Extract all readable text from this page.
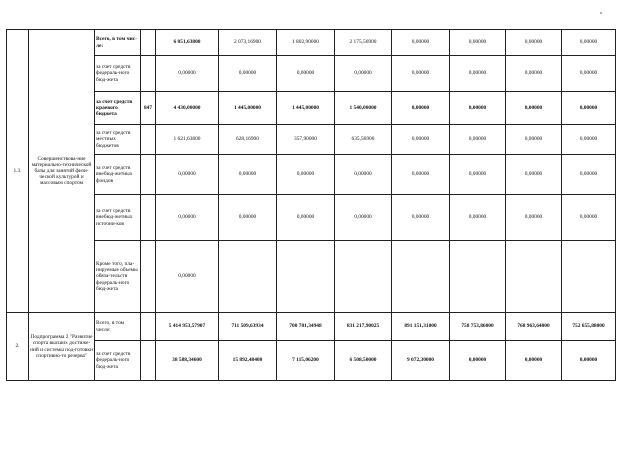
1.3.	Совершенствова-ние материально-технической базы для занятий физи-ческой культурой и массовым спортом	Всего, в том чис-ле:		6 051,63800	2 073,16900	1 802,90000	2 175,56900	0,00000	0,00000	0,00000	0,00000
		за счет средств федераль-ного бюд-жета		0,00000	0,00000	0,00000	0,00000	0,00000	0,00000	0,00000	0,00000
		за счет средств краевого бюджета	847	4 430,00000	1 445,00000	1 445,00000	1 540,00000	0,00000	0,00000	0,00000	0,00000
		за счет средств местных бюджетов		1 621,63800	628,16900	357,90000	635,56900	0,00000	0,00000	0,00000	0,00000
		за счет средств внебюд-жетных фондов		0,00000	0,00000	0,00000	0,00000	0,00000	0,00000	0,00000	0,00000
		за счет средств внебюд-жетных источни-ков		0,00000	0,00000	0,00000	0,00000	0,00000	0,00000	0,00000	0,00000
		Кроме того, пла-нируемые объемы обяза-тельств федераль-ного бюд-жета		0,00000							
2.	Подпрограмма 2 "Развитие спорта высших достиже-ний и системы под-готовки спортивно-го резерва"	Всего, в том числе:		5 414 953,57907	711 509,63934	700 701,34948	831 217,90025	891 151,31000	758 753,86000	768 963,64000	752 655,88000
		за счет средств федераль-ного бюд-жета		38 588,34600	15 892,48400	7 115,06200	6 508,50000	9 072,30000	0,00000	0,00000	0,00000
